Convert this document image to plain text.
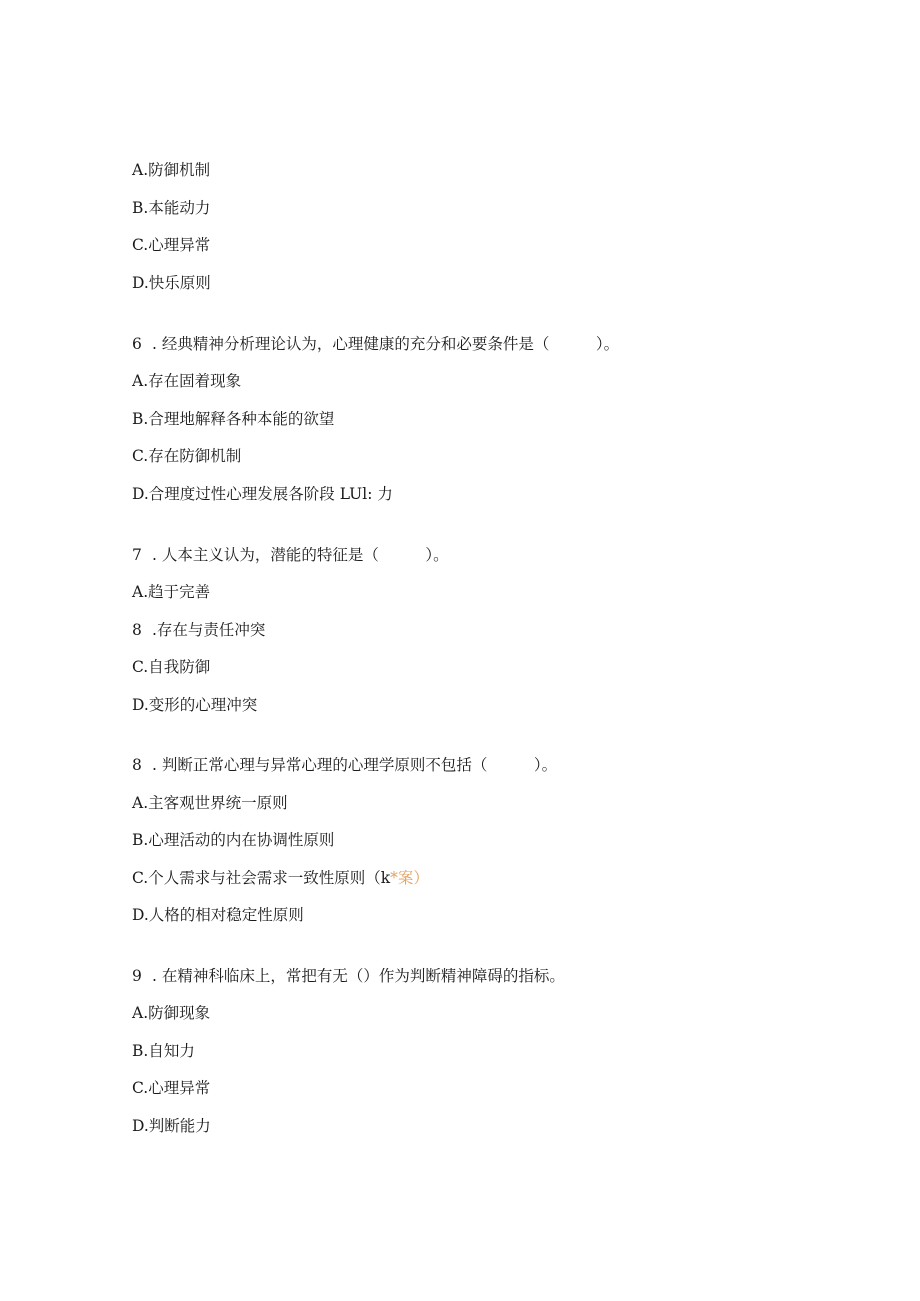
A.防御机制
B.本能动力
C.心理异常
D.快乐原则
6 . 经典精神分析理论认为，心理健康的充分和必要条件是（　　　）。
A.存在固着现象
B.合理地解释各种本能的欲望
C.存在防御机制
D.合理度过性心理发展各阶段 LUl: 力
7 . 人本主义认为，潜能的特征是（　　　）。
A.趋于完善
8 .存在与责任冲突
C.自我防御
D.变形的心理冲突
8 . 判断正常心理与异常心理的心理学原则不包括（　　　）。
A.主客观世界统一原则
B.心理活动的内在协调性原则
C.个人需求与社会需求一致性原则（k*案）
D.人格的相对稳定性原则
9 . 在精神科临床上，常把有无（）作为判断精神障碍的指标。
A.防御现象
B.自知力
C.心理异常
D.判断能力
